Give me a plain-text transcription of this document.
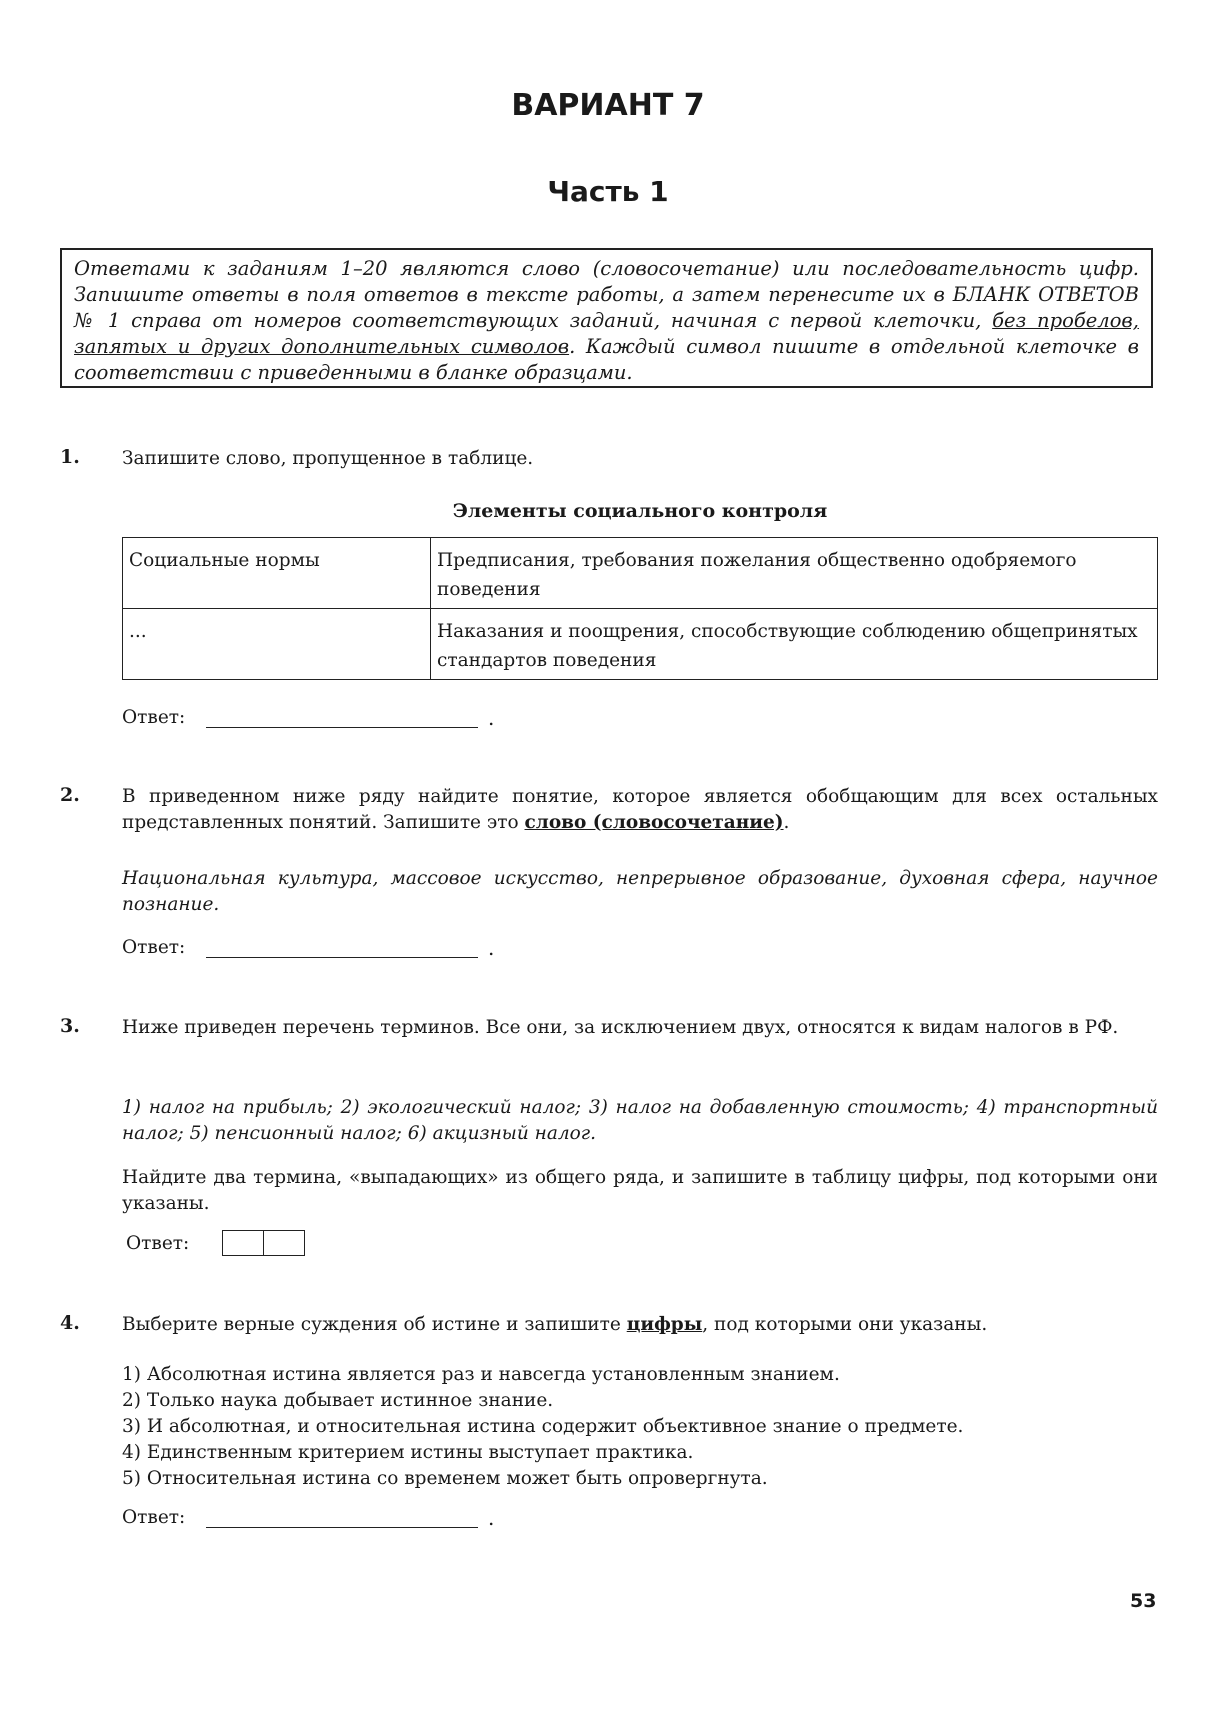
ВАРИАНТ 7
Часть 1
Ответами к заданиям 1–20 являются слово (словосочетание) или последовательность цифр. Запишите ответы в поля ответов в тексте работы, а затем перенесите их в БЛАНК ОТВЕТОВ № 1 справа от номеров соответствующих заданий, начиная с первой клеточки, без пробелов, запятых и других дополнительных символов. Каждый символ пишите в отдельной клеточке в соответствии с приведенными в бланке образцами.
1. Запишите слово, пропущенное в таблице.
Элементы социального контроля
Социальные нормы	Предписания, требования пожелания общественно одобряемого поведения
...	Наказания и поощрения, способствующие соблюдению общепринятых стандартов поведения
Ответ:	.
2. В приведенном ниже ряду найдите понятие, которое является обобщающим для всех остальных представленных понятий. Запишите это слово (словосочетание).
Национальная культура, массовое искусство, непрерывное образование, духовная сфера, научное познание.
Ответ:	.
3. Ниже приведен перечень терминов. Все они, за исключением двух, относятся к видам налогов в РФ.
1) налог на прибыль; 2) экологический налог; 3) налог на добавленную стоимость; 4) транспортный налог; 5) пенсионный налог; 6) акцизный налог.
Найдите два термина, «выпадающих» из общего ряда, и запишите в таблицу цифры, под которыми они указаны.
Ответ:
4. Выберите верные суждения об истине и запишите цифры, под которыми они указаны.
1) Абсолютная истина является раз и навсегда установленным знанием.
2) Только наука добывает истинное знание.
3) И абсолютная, и относительная истина содержит объективное знание о предмете.
4) Единственным критерием истины выступает практика.
5) Относительная истина со временем может быть опровергнута.
Ответ:	.
53
